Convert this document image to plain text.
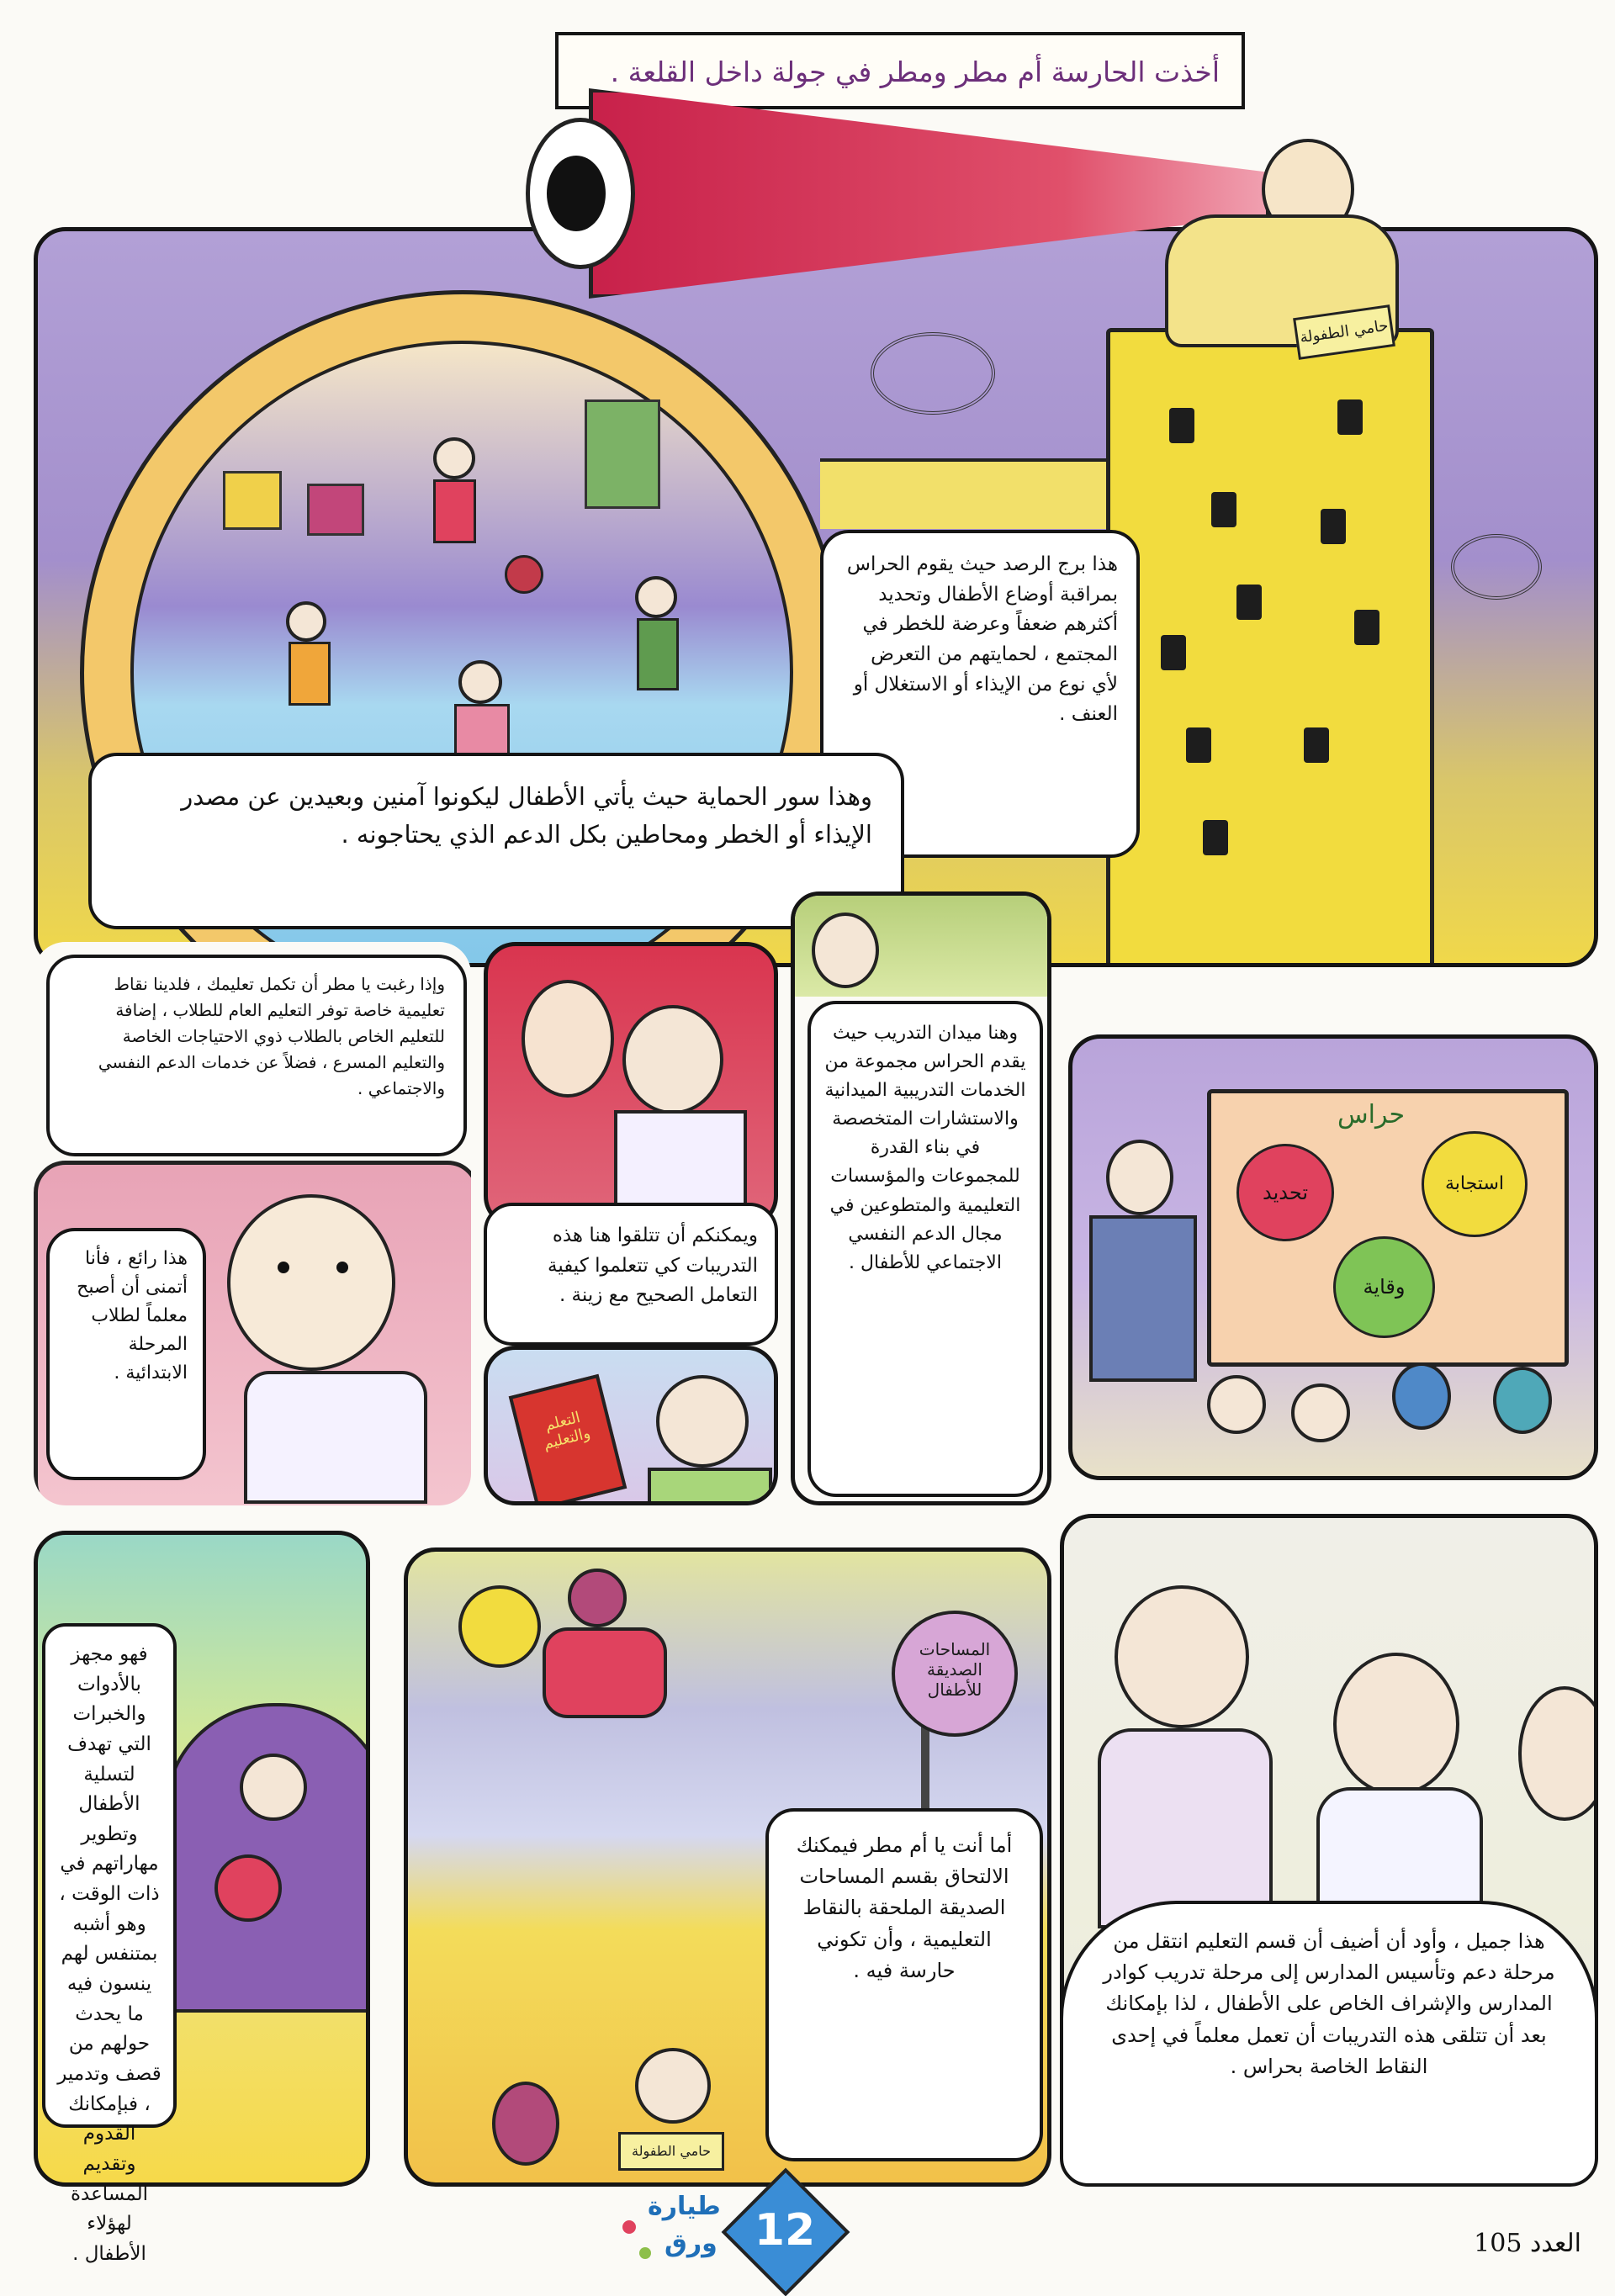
أخذت الحارسة أم مطر ومطر في جولة داخل القلعة .

هذا برج الرصد حيث يقوم الحراس بمراقبة أوضاع الأطفال وتحديد أكثرهم ضعفاً وعرضة للخطر في المجتمع ، لحمايتهم من التعرض لأي نوع من الإيذاء أو الاستغلال أو العنف .

وهذا سور الحماية حيث يأتي الأطفال ليكونوا آمنين وبعيدين عن مصدر الإيذاء أو الخطر ومحاطين بكل الدعم الذي يحتاجونه .

حامي الطفولة

وإذا رغبت يا مطر أن تكمل تعليمك ، فلدينا نقاط تعليمية خاصة توفر التعليم العام للطلاب ، إضافة للتعليم الخاص بالطلاب ذوي الاحتياجات الخاصة والتعليم المسرع ، فضلاً عن خدمات الدعم النفسي والاجتماعي .

هذا رائع ، فأنا أتمنى أن أصبح معلماً لطلاب المرحلة الابتدائية .

ويمكنكم أن تتلقوا هنا هذه التدريبات كي تتعلموا كيفية التعامل الصحيح مع زينة .

التعلم والتعليم

وهنا ميدان التدريب حيث يقدم الحراس مجموعة من الخدمات التدريبية الميدانية والاستشارات المتخصصة في بناء القدرة للمجموعات والمؤسسات التعليمية والمتطوعين في مجال الدعم النفسي الاجتماعي للأطفال .

حراس
تحديد	استجابة
وقاية

فهو مجهز بالأدوات والخبرات التي تهدف لتسلية الأطفال وتطوير مهاراتهم في ذات الوقت ، وهو أشبه بمتنفس لهم ينسون فيه ما يحدث حولهم من قصف وتدمير ، فبإمكانك القدوم وتقديم المساعدة لهؤلاء الأطفال .

المساحات الصديقة للأطفال
حامي الطفولة

أما أنت يا أم مطر فيمكنك الالتحاق بقسم المساحات الصديقة الملحقة بالنقاط التعليمية ، وأن تكوني حارسة فيه .

هذا جميل ، وأود أن أضيف أن قسم التعليم انتقل من مرحلة دعم وتأسيس المدارس إلى مرحلة تدريب كوادر المدارس والإشراف الخاص على الأطفال ، لذا بإمكانك بعد أن تتلقى هذه التدريبات أن تعمل معلماً في إحدى النقاط الخاصة بحراس .

12
طيارة
ورق	العدد 105
